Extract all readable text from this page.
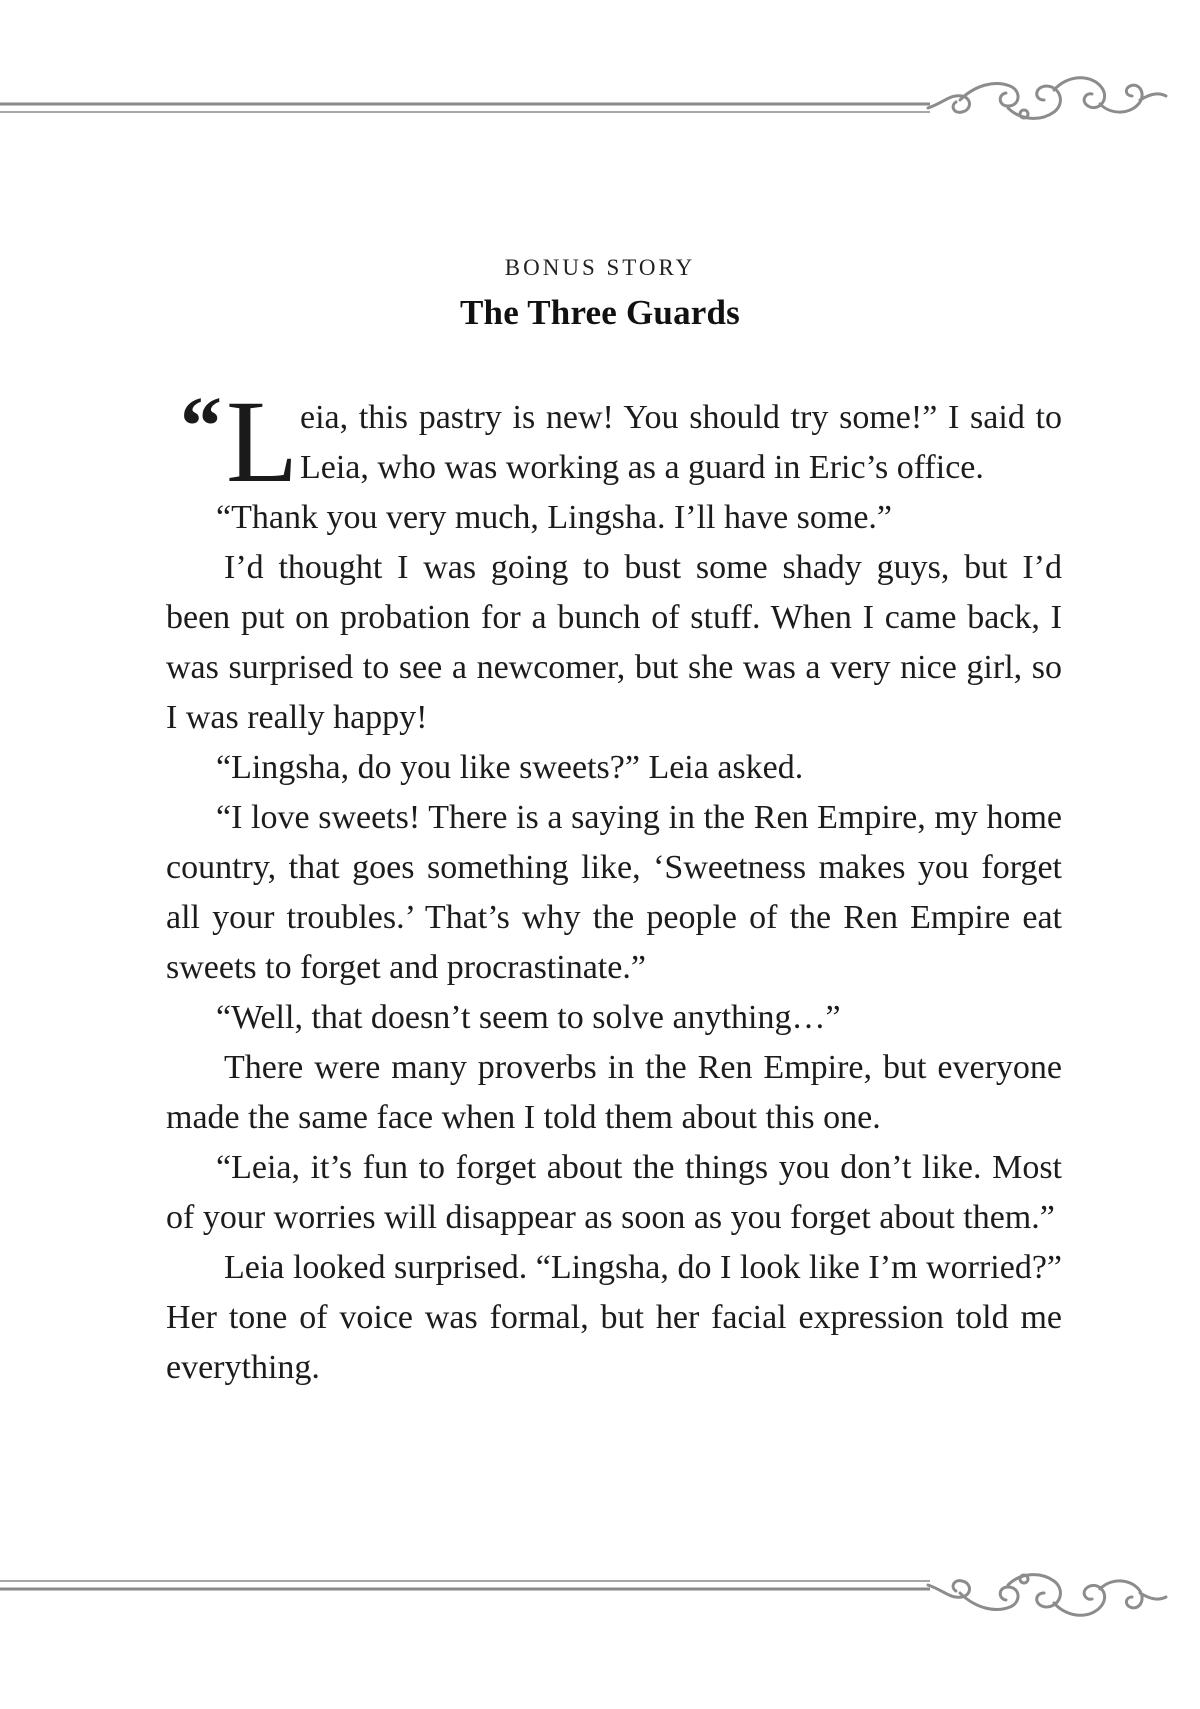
BONUS STORY
The Three Guards

“ L eia, this pastry is new! You should try some!” I said to Leia, who was working as a guard in Eric’s office.

“Thank you very much, Lingsha. I’ll have some.”

I’d thought I was going to bust some shady guys, but I’d been put on probation for a bunch of stuff. When I came back, I was surprised to see a newcomer, but she was a very nice girl, so I was really happy!

“Lingsha, do you like sweets?” Leia asked.

“I love sweets! There is a saying in the Ren Empire, my home country, that goes something like, ‘Sweetness makes you forget all your troubles.’ That’s why the people of the Ren Empire eat sweets to forget and procrastinate.”

“Well, that doesn’t seem to solve anything…”

There were many proverbs in the Ren Empire, but everyone made the same face when I told them about this one.

“Leia, it’s fun to forget about the things you don’t like. Most of your worries will disappear as soon as you forget about them.”

Leia looked surprised. “Lingsha, do I look like I’m worried?” Her tone of voice was formal, but her facial expression told me everything.
